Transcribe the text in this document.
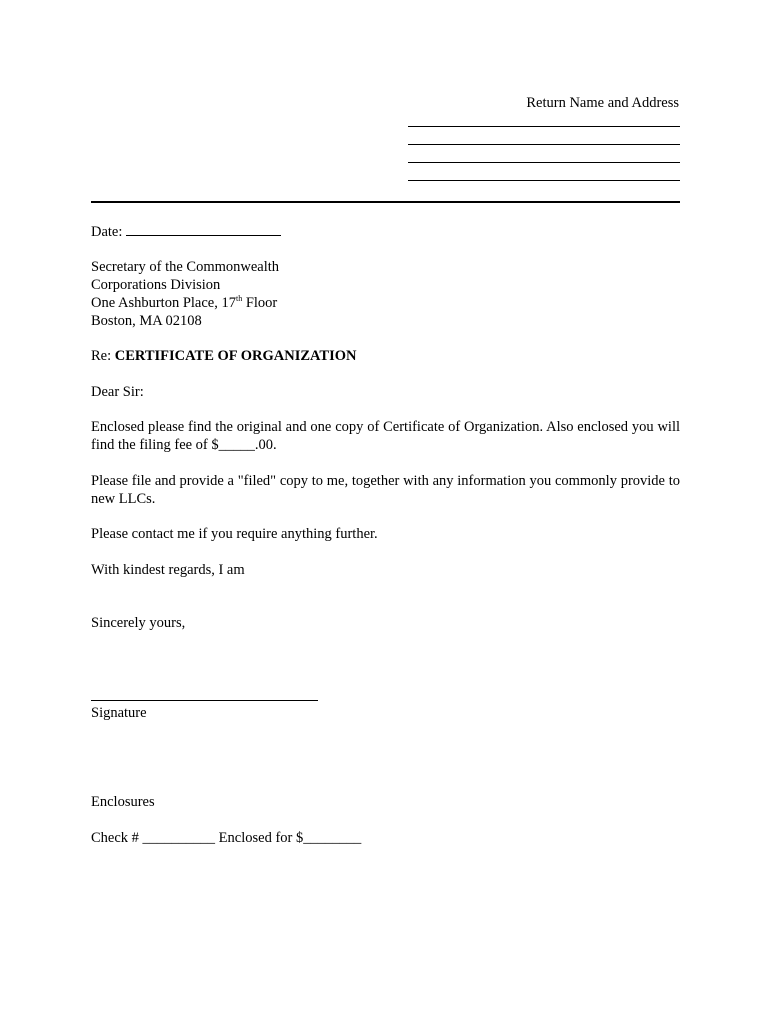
Return Name and Address
Date:
Secretary of the Commonwealth
Corporations Division
One Ashburton Place, 17th Floor
Boston, MA 02108
Re: CERTIFICATE OF ORGANIZATION
Dear Sir:
Enclosed please find the original and one copy of Certificate of Organization. Also enclosed you will find the filing fee of $_____.00.
Please file and provide a "filed" copy to me, together with any information you commonly provide to new LLCs.
Please contact me if you require anything further.
With kindest regards, I am
Sincerely yours,
Signature
Enclosures
Check # __________ Enclosed for $________
